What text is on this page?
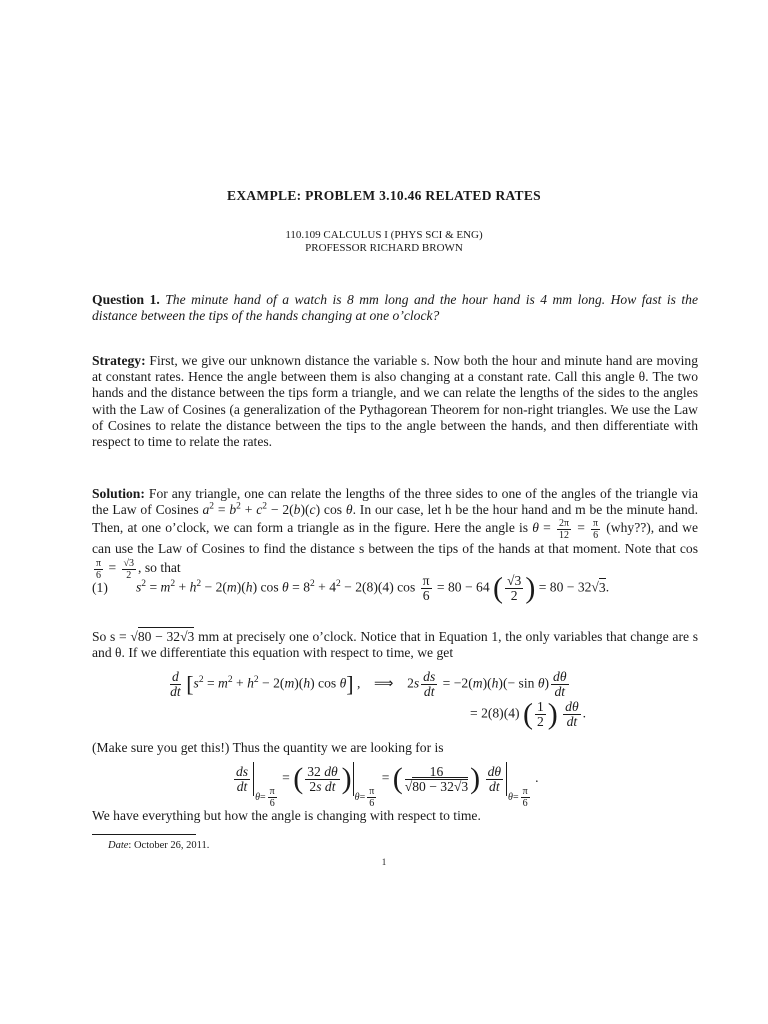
EXAMPLE: PROBLEM 3.10.46 RELATED RATES
110.109 CALCULUS I (PHYS SCI & ENG)
PROFESSOR RICHARD BROWN
Question 1. The minute hand of a watch is 8 mm long and the hour hand is 4 mm long. How fast is the distance between the tips of the hands changing at one o’clock?
Strategy: First, we give our unknown distance the variable s. Now both the hour and minute hand are moving at constant rates. Hence the angle between them is also changing at a constant rate. Call this angle θ. The two hands and the distance between the tips form a triangle, and we can relate the lengths of the sides to the angles with the Law of Cosines (a generalization of the Pythagorean Theorem for non-right triangles. We use the Law of Cosines to relate the distance between the tips to the angle between the hands, and then differentiate with respect to time to relate the rates.
Solution: For any triangle, one can relate the lengths of the three sides to one of the angles of the triangle via the Law of Cosines $a^2 = b^2 + c^2 - 2(b)(c)$ cos θ. In our case, let h be the hour hand and m be the minute hand. Then, at one o’clock, we can form a triangle as in the figure. Here the angle is $\theta = \frac{2\pi}{12} = \frac{\pi}{6}$ (why??), and we can use the Law of Cosines to find the distance s between the tips of the hands at that moment. Note that cos
$\frac{\pi}{6} = \frac{√3}{2}$ , so that
(1) $s^2 = m^2 + h^2 - 2(m)(h)$ $\cos \theta = 8^2 + 4^2 - 2(8)(4)$ $\cos \frac{\pi}{6} = 80 - 64$ ( $\frac{√3}{2}$ ) = 80 − 32√3.
So s = √80 − 32√3 mm at precisely one o’clock. Notice that in Equation 1, the only variables that change are s and θ. If we differentiate this equation with respect to time, we get
$\frac{d}{dt} [s^2 = m^2 + h^2 - 2(m)(h)$ cos θ] ,    ⟹    $2s \frac{ds}{dt} = -2(m)(h)(- \sin \theta) \frac{d\theta}{dt}$
= 2(8)(4) ( $\frac{1}{2}$ ) $\frac{d\theta}{dt}$ .
(Make sure you get this!) Thus the quantity we are looking for is
$\frac{ds}{dt}$
$_{\theta= \frac{\pi}{6}}$
= ( $\frac{32 d\theta}{\text{2s dt}} )_{\theta= \frac{\pi}{6}}$
= ( $\frac{16}{√80 - 32√3}$ ) $\frac{d\theta}{dt}$
$_{\theta= \frac{\pi}{6}}$
.
We have everything but how the angle is changing with respect to time.
Date: October 26, 2011.
1
